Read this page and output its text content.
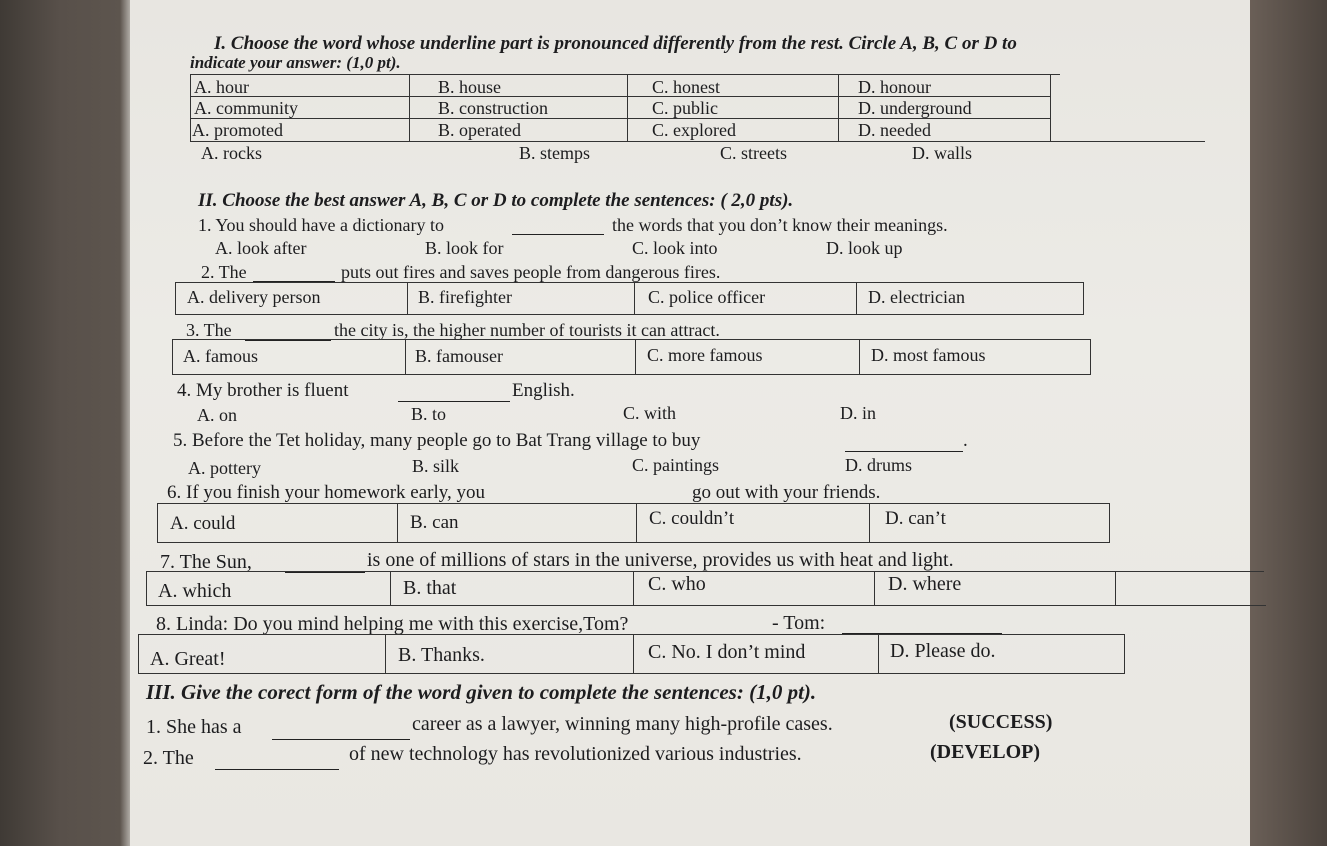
I. Choose the word whose underline part is pronounced differently from the rest. Circle A, B, C or D to
indicate your answer: (1,0 pt).
A. hour	B. house	C. honest	D. honour
A. community	B. construction	C. public	D. underground
A. promoted	B. operated	C. explored	D. needed
A. rocks	B. stemps	C. streets	D. walls
II. Choose the best answer A, B, C or D to complete the sentences: ( 2,0 pts).
1. You should have a dictionary to	the words that you don’t know their meanings.
A. look after	B. look for	C. look into	D. look up
2. The	puts out fires and saves people from dangerous fires.
A. delivery person	B. firefighter	C. police officer	D. electrician
3. The	the city is, the higher number of tourists it can attract.
A. famous	B. famouser	C. more famous	D. most famous
4. My brother is fluent	English.
A. on	B. to	C. with	D. in
5. Before the Tet holiday, many people go to Bat Trang village to buy	.
A. pottery	B. silk	C. paintings	D. drums
6. If you finish your homework early, you	go out with your friends.
A. could	B. can	C. couldn’t	D. can’t
7. The Sun,	is one of millions of stars in the universe, provides us with heat and light.
A. which	B. that	C. who	D. where
8. Linda: Do you mind helping me with this exercise,Tom?	- Tom:
A. Great!	B. Thanks.	C. No. I don’t mind	D. Please do.
III. Give the corect form of the word given to complete the sentences: (1,0 pt).
1. She has a	career as a lawyer, winning many high-profile cases.	(SUCCESS)
2. The	of new technology has revolutionized various industries.	(DEVELOP)
